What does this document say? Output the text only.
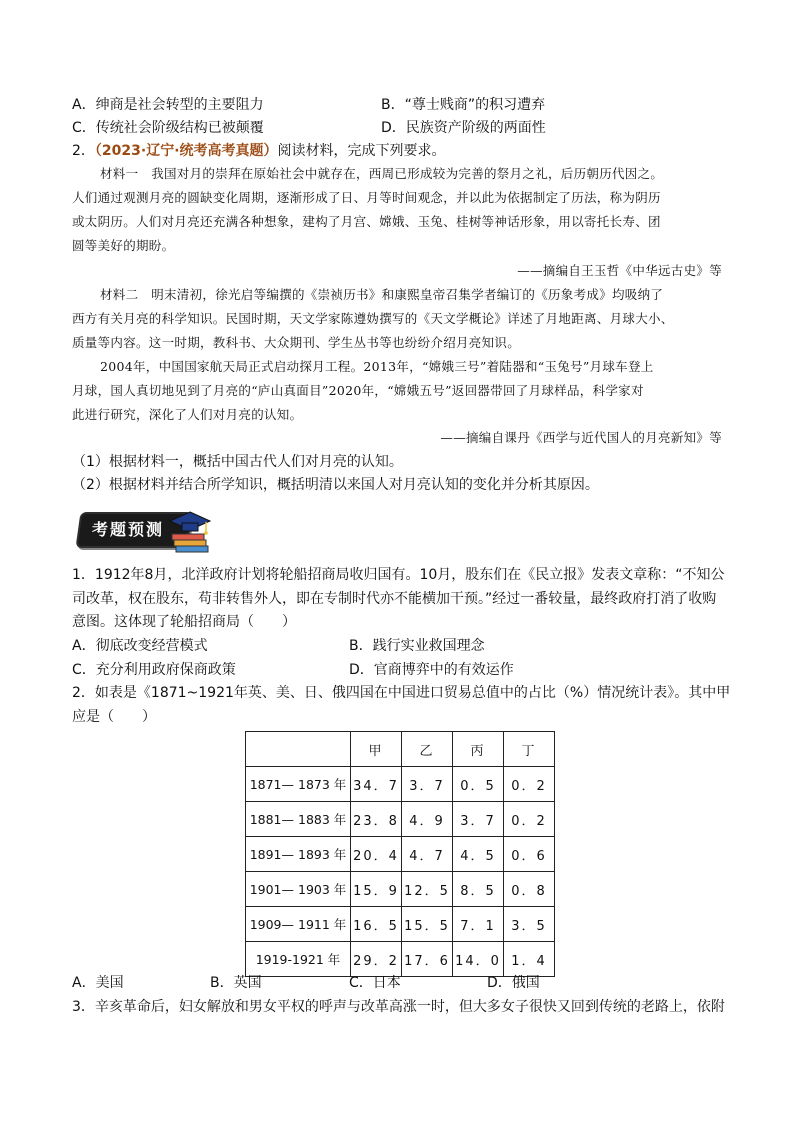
A．绅商是社会转型的主要阻力	B．“尊士贱商”的积习遭弃
C．传统社会阶级结构已被颠覆	D．民族资产阶级的两面性
2．（2023·辽宁·统考高考真题）阅读材料，完成下列要求。
材料一　我国对月的崇拜在原始社会中就存在，西周已形成较为完善的祭月之礼，后历朝历代因之。
人们通过观测月亮的圆缺变化周期，逐渐形成了日、月等时间观念，并以此为依据制定了历法，称为阴历
或太阴历。人们对月亮还充满各种想象，建构了月宫、嫦娥、玉兔、桂树等神话形象，用以寄托长寿、团
圆等美好的期盼。
——摘编自王玉哲《中华远古史》等
材料二　明末清初，徐光启等编撰的《崇祯历书》和康熙皇帝召集学者编订的《历象考成》均吸纳了
西方有关月亮的科学知识。民国时期，天文学家陈遵妫撰写的《天文学概论》详述了月地距离、月球大小、
质量等内容。这一时期，教科书、大众期刊、学生丛书等也纷纷介绍月亮知识。
2004年，中国国家航天局正式启动探月工程。2013年，“嫦娥三号”着陆器和“玉兔号”月球车登上
月球，国人真切地见到了月亮的“庐山真面目”2020年，“嫦娥五号”返回器带回了月球样品，科学家对
此进行研究，深化了人们对月亮的认知。
——摘编自课丹《西学与近代国人的月亮新知》等
（1）根据材料一，概括中国古代人们对月亮的认知。
（2）根据材料并结合所学知识，概括明清以来国人对月亮认知的变化并分析其原因。
考题预测
1．1912年8月，北洋政府计划将轮船招商局收归国有。10月，股东们在《民立报》发表文章称：“不知公
司改革，权在股东，苟非转售外人，即在专制时代亦不能横加干预。”经过一番较量，最终政府打消了收购
意图。这体现了轮船招商局（　　）
A．彻底改变经营模式	B．践行实业救国理念
C．充分利用政府保商政策	D．官商博弈中的有效运作
2．如表是《1871~1921年英、美、日、俄四国在中国进口贸易总值中的占比（%）情况统计表》。其中甲
应是（　　）
	甲	乙	丙	丁
1871— 1873 年	34．7	3．7	0．5	0．2
1881— 1883 年	23．8	4．9	3．7	0．2
1891— 1893 年	20．4	4．7	4．5	0．6
1901— 1903 年	15．9	12．5	8．5	0．8
1909— 1911 年	16．5	15．5	7．1	3．5
1919-1921 年	29．2	17．6	14．0	1．4
A．美国	B．英国	C．日本	D．俄国
3．辛亥革命后，妇女解放和男女平权的呼声与改革高涨一时，但大多女子很快又回到传统的老路上，依附
